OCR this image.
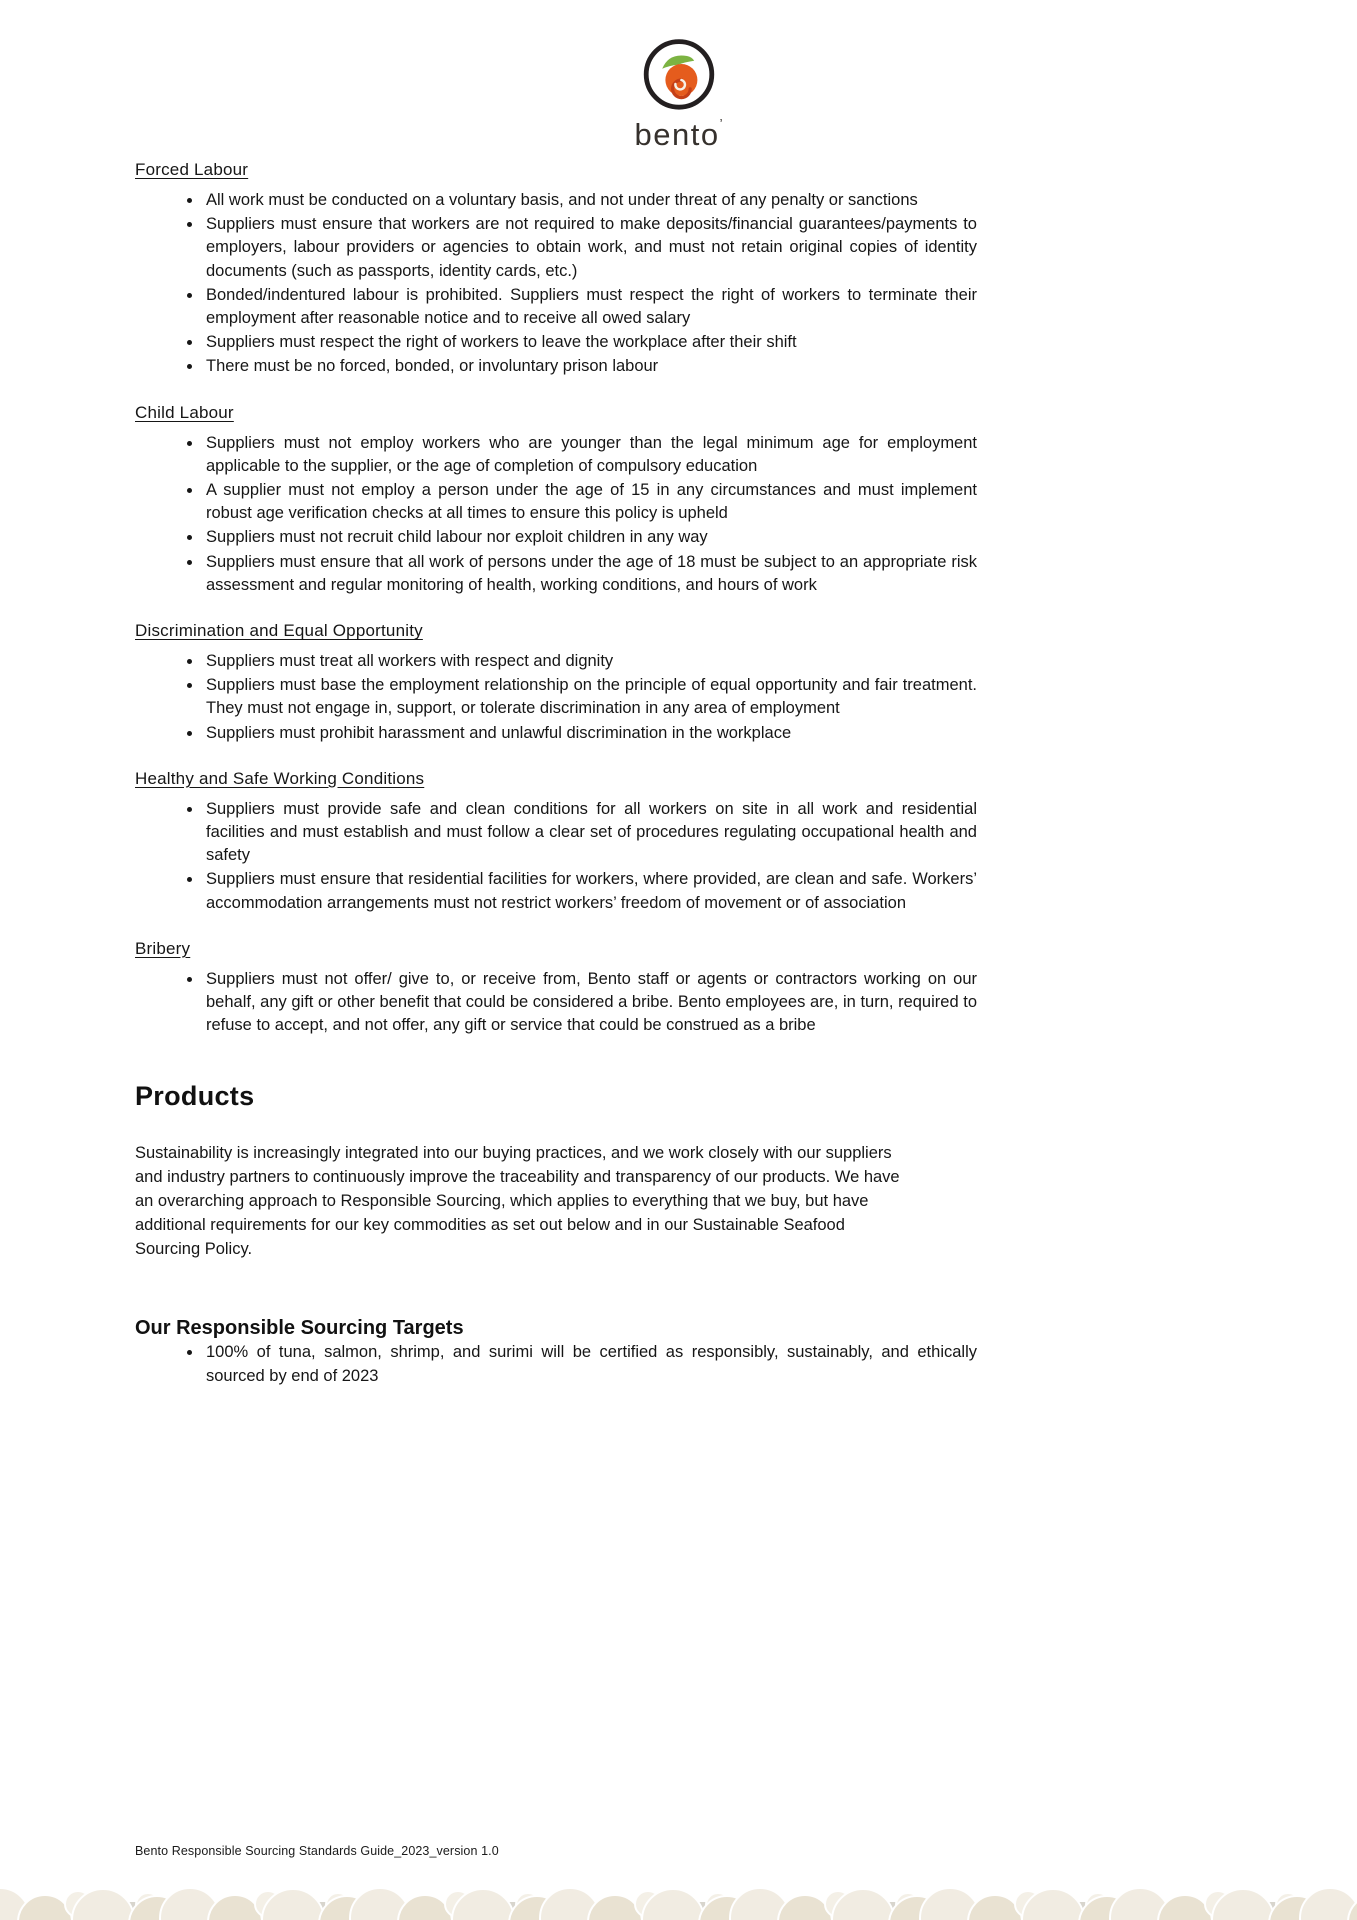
bento’
Forced Labour
• All work must be conducted on a voluntary basis, and not under threat of any penalty or sanctions
• Suppliers must ensure that workers are not required to make deposits/financial guarantees/payments to employers, labour providers or agencies to obtain work, and must not retain original copies of identity documents (such as passports, identity cards, etc.)
• Bonded/indentured labour is prohibited. Suppliers must respect the right of workers to terminate their employment after reasonable notice and to receive all owed salary
• Suppliers must respect the right of workers to leave the workplace after their shift
• There must be no forced, bonded, or involuntary prison labour
Child Labour
• Suppliers must not employ workers who are younger than the legal minimum age for employment applicable to the supplier, or the age of completion of compulsory education
• A supplier must not employ a person under the age of 15 in any circumstances and must implement robust age verification checks at all times to ensure this policy is upheld
• Suppliers must not recruit child labour nor exploit children in any way
• Suppliers must ensure that all work of persons under the age of 18 must be subject to an appropriate risk assessment and regular monitoring of health, working conditions, and hours of work
Discrimination and Equal Opportunity
• Suppliers must treat all workers with respect and dignity
• Suppliers must base the employment relationship on the principle of equal opportunity and fair treatment. They must not engage in, support, or tolerate discrimination in any area of employment
• Suppliers must prohibit harassment and unlawful discrimination in the workplace
Healthy and Safe Working Conditions
• Suppliers must provide safe and clean conditions for all workers on site in all work and residential facilities and must establish and must follow a clear set of procedures regulating occupational health and safety
• Suppliers must ensure that residential facilities for workers, where provided, are clean and safe. Workers’ accommodation arrangements must not restrict workers’ freedom of movement or of association
Bribery
• Suppliers must not offer/ give to, or receive from, Bento staff or agents or contractors working on our behalf, any gift or other benefit that could be considered a bribe. Bento employees are, in turn, required to refuse to accept, and not offer, any gift or service that could be construed as a bribe
Products

Sustainability is increasingly integrated into our buying practices, and we work closely with our suppliers and industry partners to continuously improve the traceability and transparency of our products. We have an overarching approach to Responsible Sourcing, which applies to everything that we buy, but have additional requirements for our key commodities as set out below and in our Sustainable Seafood Sourcing Policy.

Our Responsible Sourcing Targets
• 100% of tuna, salmon, shrimp, and surimi will be certified as responsibly, sustainably, and ethically sourced by end of 2023
Bento Responsible Sourcing Standards Guide_2023_version 1.0
